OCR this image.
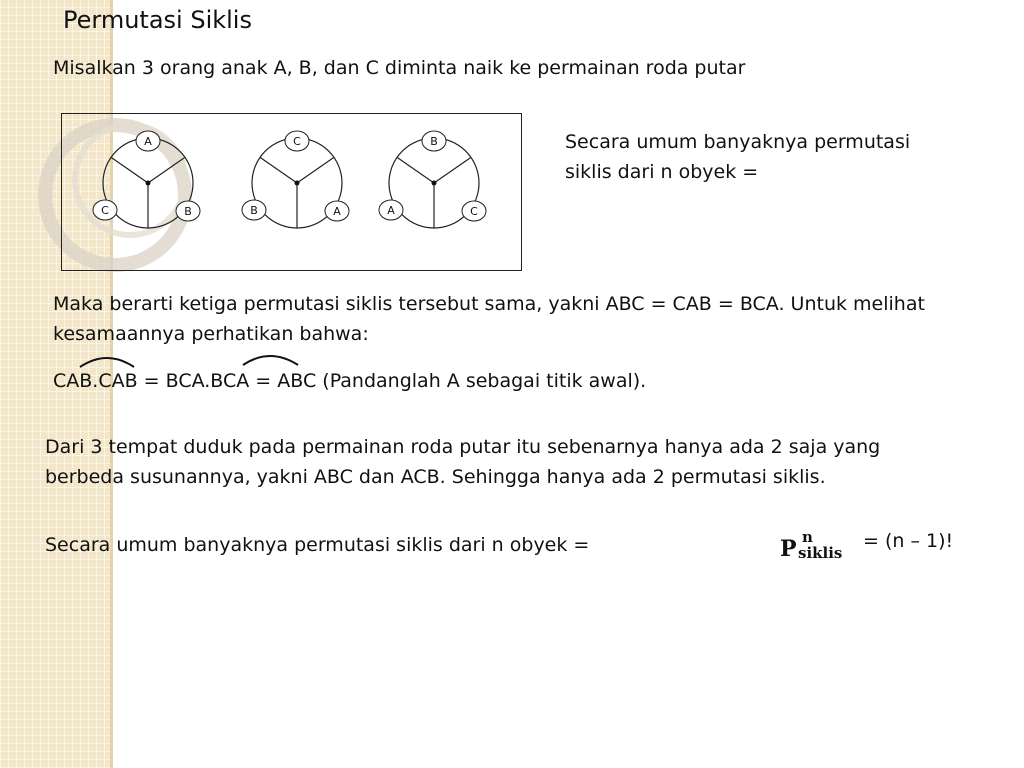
Permutasi Siklis
Misalkan 3 orang anak A, B, dan C diminta naik ke permainan roda putar
A
C	B
C
B	A
B
A	C
Secara umum banyaknya permutasi
siklis dari n obyek =
Maka berarti ketiga permutasi siklis tersebut sama, yakni ABC = CAB = BCA. Untuk melihat
kesamaannya perhatikan bahwa:
CAB.CAB = BCA.BCA = ABC (Pandanglah A sebagai titik awal).
Dari 3 tempat duduk pada permainan roda putar itu sebenarnya hanya ada 2 saja yang
berbeda susunannya, yakni ABC dan ACB. Sehingga hanya ada 2 permutasi siklis.
Secara umum banyaknya permutasi siklis dari n obyek =	P n
siklis
= (n – 1)!
